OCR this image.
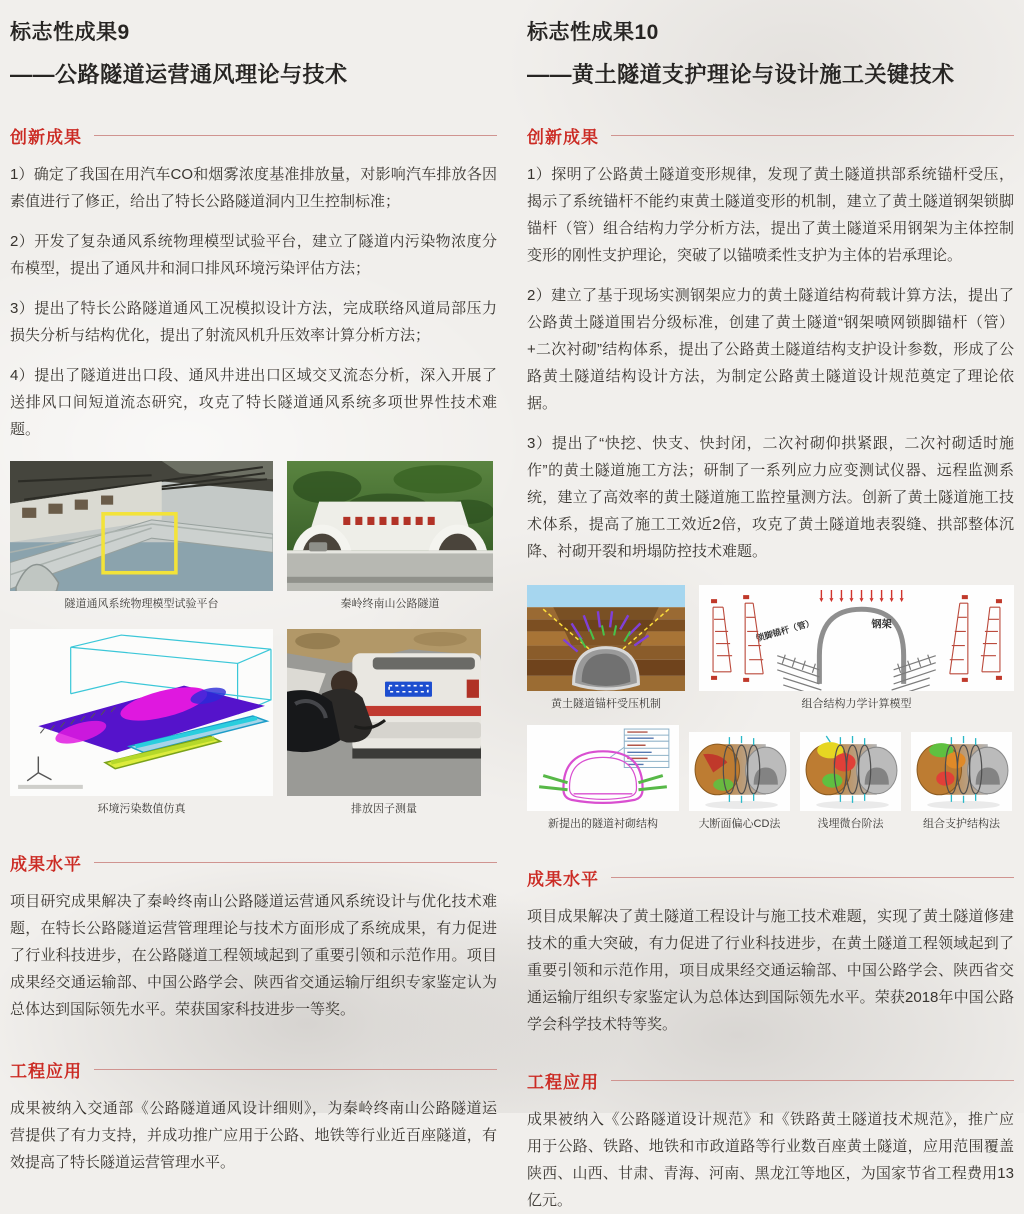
标志性成果9
——公路隧道运营通风理论与技术
创新成果

1）确定了我国在用汽车CO和烟雾浓度基准排放量，对影响汽车排放各因素值进行了修正，给出了特长公路隧道洞内卫生控制标准；

2）开发了复杂通风系统物理模型试验平台，建立了隧道内污染物浓度分布模型，提出了通风井和洞口排风环境污染评估方法；

3）提出了特长公路隧道通风工况模拟设计方法，完成联络风道局部压力损失分析与结构优化，提出了射流风机升压效率计算分析方法；

4）提出了隧道进出口段、通风井进出口区域交叉流态分析，深入开展了送排风口间短道流态研究，攻克了特长隧道通风系统多项世界性技术难题。

隧道通风系统物理模型试验平台	秦岭终南山公路隧道
环境污染数值仿真	排放因子测量
成果水平

项目研究成果解决了秦岭终南山公路隧道运营通风系统设计与优化技术难题，在特长公路隧道运营管理理论与技术方面形成了系统成果，有力促进了行业科技进步，在公路隧道工程领域起到了重要引领和示范作用。项目成果经交通运输部、中国公路学会、陕西省交通运输厅组织专家鉴定认为总体达到国际领先水平。荣获国家科技进步一等奖。

工程应用

成果被纳入交通部《公路隧道通风设计细则》，为秦岭终南山公路隧道运营提供了有力支持，并成功推广应用于公路、地铁等行业近百座隧道，有效提高了特长隧道运营管理水平。

标志性成果10
——黄土隧道支护理论与设计施工关键技术
创新成果

1）探明了公路黄土隧道变形规律，发现了黄土隧道拱部系统锚杆受压，揭示了系统锚杆不能约束黄土隧道变形的机制，建立了黄土隧道钢架锁脚锚杆（管）组合结构力学分析方法，提出了黄土隧道采用钢架为主体控制变形的刚性支护理论，突破了以锚喷柔性支护为主体的岩承理论。

2）建立了基于现场实测钢架应力的黄土隧道结构荷载计算方法，提出了公路黄土隧道围岩分级标准，创建了黄土隧道“钢架喷网锁脚锚杆（管）+二次衬砌”结构体系，提出了公路黄土隧道结构支护设计参数，形成了公路黄土隧道结构设计方法，为制定公路黄土隧道设计规范奠定了理论依据。

3）提出了“快挖、快支、快封闭，二次衬砌仰拱紧跟，二次衬砌适时施作”的黄土隧道施工方法；研制了一系列应力应变测试仪器、远程监测系统，建立了高效率的黄土隧道施工监控量测方法。创新了黄土隧道施工技术体系，提高了施工工效近2倍，攻克了黄土隧道地表裂缝、拱部整体沉降、衬砌开裂和坍塌防控技术难题。

黄土隧道锚杆受压机制
钢架
锁脚锚杆（管）
组合结构力学计算模型
新提出的隧道衬砌结构	大断面偏心CD法	浅埋微台阶法	组合支护结构法
成果水平

项目成果解决了黄土隧道工程设计与施工技术难题，实现了黄土隧道修建技术的重大突破，有力促进了行业科技进步，在黄土隧道工程领域起到了重要引领和示范作用，项目成果经交通运输部、中国公路学会、陕西省交通运输厅组织专家鉴定认为总体达到国际领先水平。荣获2018年中国公路学会科学技术特等奖。

工程应用

成果被纳入《公路隧道设计规范》和《铁路黄土隧道技术规范》，推广应用于公路、铁路、地铁和市政道路等行业数百座黄土隧道，应用范围覆盖陕西、山西、甘肃、青海、河南、黑龙江等地区，为国家节省工程费用13亿元。
